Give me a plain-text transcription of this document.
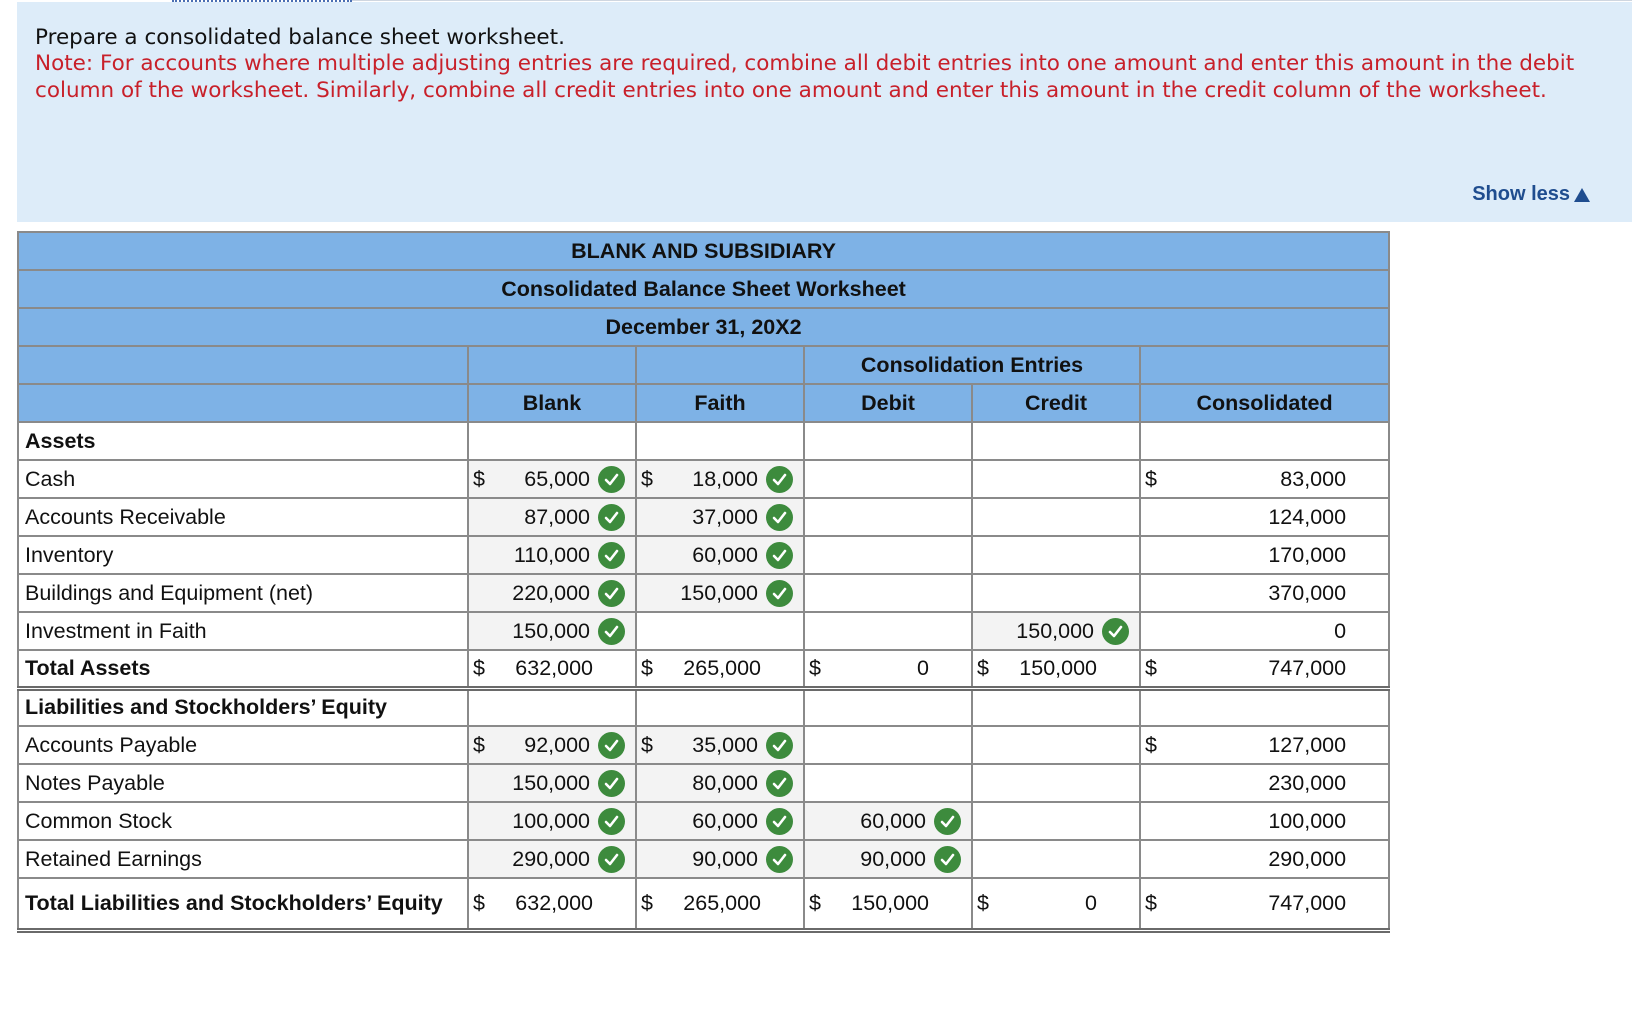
Prepare a consolidated balance sheet worksheet.
Note: For accounts where multiple adjusting entries are required, combine all debit entries into one amount and enter this amount in the debit column of the worksheet. Similarly, combine all credit entries into one amount and enter this amount in the credit column of the worksheet.
Show less
BLANK AND SUBSIDIARY					
Consolidated Balance Sheet Worksheet					
December 31, 20X2					
			Consolidation Entries		
	Blank	Faith	Debit	Credit	Consolidated
Assets					
Cash	$ 65,000	$ 18,000			$ 83,000

Accounts Receivable	87,000	37,000			124,000

Inventory	110,000	60,000			170,000

Buildings and Equipment (net)	220,000	150,000			370,000

Investment in Faith	150,000			150,000	0

Total Assets	$ 632,000	$ 265,000	$ 0	$ 150,000	$ 747,000

Liabilities and Stockholders’ Equity					
Accounts Payable	$ 92,000	$ 35,000			$ 127,000

Notes Payable	150,000	80,000			230,000

Common Stock	100,000	60,000	60,000		100,000

Retained Earnings	290,000	90,000	90,000		290,000

Total Liabilities and Stockholders’ Equity	$ 632,000	$ 265,000	$ 150,000	$ 0	$ 747,000
